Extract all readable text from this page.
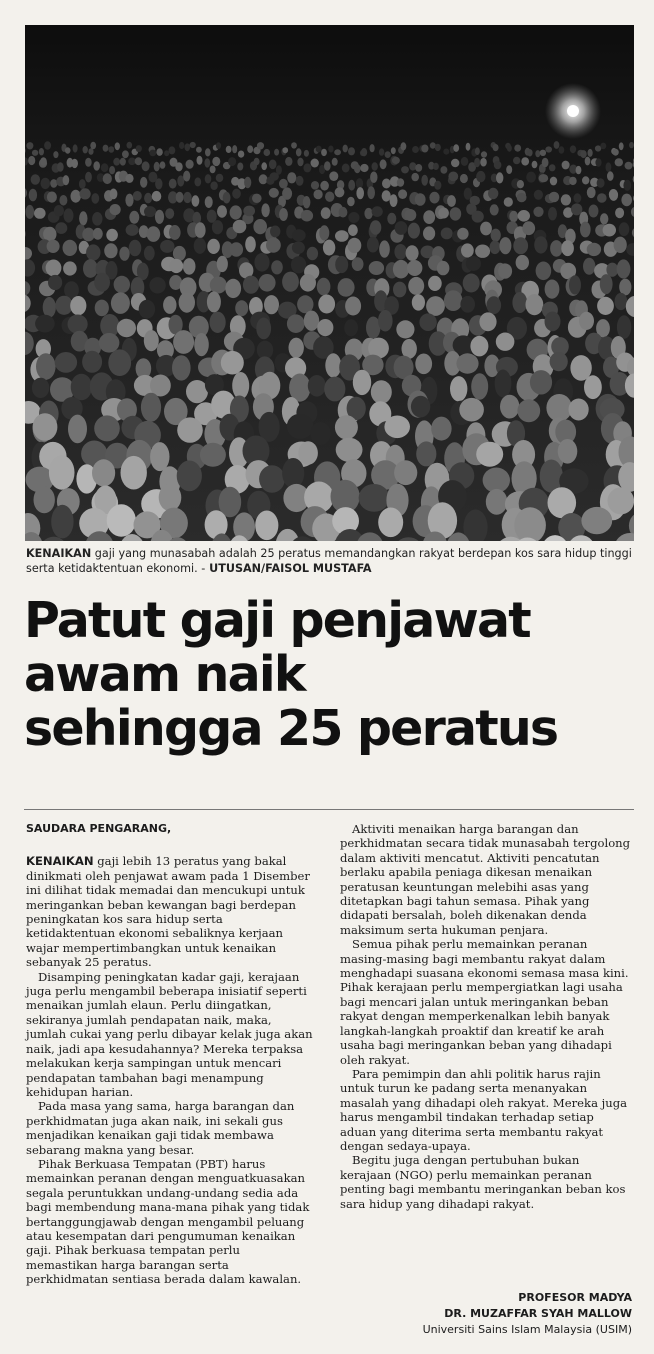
KENAIKAN gaji yang munasabah adalah 25 peratus memandangkan rakyat berdepan kos sara hidup tinggi serta ketidaktentuan ekonomi. - UTUSAN/FAISOL MUSTAFA
Patut gaji penjawat
awam naik
sehingga 25 peratus

SAUDARA PENGARANG,

KENAIKAN gaji lebih 13 peratus yang bakal dinikmati oleh penjawat awam pada 1 Disember ini dilihat tidak memadai dan mencukupi untuk meringankan beban kewangan bagi berdepan peningkatan kos sara hidup serta ketidaktentuan ekonomi sebaliknya kerjaan wajar mempertimbangkan untuk kenaikan sebanyak 25 peratus.

Disamping peningkatan kadar gaji, kerajaan juga perlu mengambil beberapa inisiatif seperti menaikan jumlah elaun. Perlu diingatkan, sekiranya jumlah pendapatan naik, maka, jumlah cukai yang perlu dibayar kelak juga akan naik, jadi apa kesudahannya? Mereka terpaksa melakukan kerja sampingan untuk mencari pendapatan tambahan bagi menampung kehidupan harian.

Pada masa yang sama, harga barangan dan perkhidmatan juga akan naik, ini sekali gus menjadikan kenaikan gaji tidak membawa sebarang makna yang besar.

Pihak Berkuasa Tempatan (PBT) harus memainkan peranan dengan menguatkuasakan segala peruntukkan undang-undang sedia ada bagi membendung mana-mana pihak yang tidak bertanggungjawab dengan mengambil peluang atau kesempatan dari pengumuman kenaikan gaji. Pihak berkuasa tempatan perlu memastikan harga barangan serta perkhidmatan sentiasa berada dalam kawalan.

Aktiviti menaikan harga barangan dan perkhidmatan secara tidak munasabah tergolong dalam aktiviti mencatut. Aktiviti pencatutan berlaku apabila peniaga dikesan menaikan peratusan keuntungan melebihi asas yang ditetapkan bagi tahun semasa. Pihak yang didapati bersalah, boleh dikenakan denda maksimum serta hukuman penjara.

Semua pihak perlu memainkan peranan masing-masing bagi membantu rakyat dalam menghadapi suasana ekonomi semasa masa kini. Pihak kerajaan perlu mempergiatkan lagi usaha bagi mencari jalan untuk meringankan beban rakyat dengan memperkenalkan lebih banyak langkah-langkah proaktif dan kreatif ke arah usaha bagi meringankan beban yang dihadapi oleh rakyat.

Para pemimpin dan ahli politik harus rajin untuk turun ke padang serta menanyakan masalah yang dihadapi oleh rakyat. Mereka juga harus mengambil tindakan terhadap setiap aduan yang diterima serta membantu rakyat dengan sedaya-upaya.

Begitu juga dengan pertubuhan bukan kerajaan (NGO) perlu memainkan peranan penting bagi membantu meringankan beban kos sara hidup yang dihadapi rakyat.

PROFESOR MADYA
DR. MUZAFFAR SYAH MALLOW
Universiti Sains Islam Malaysia (USIM)
